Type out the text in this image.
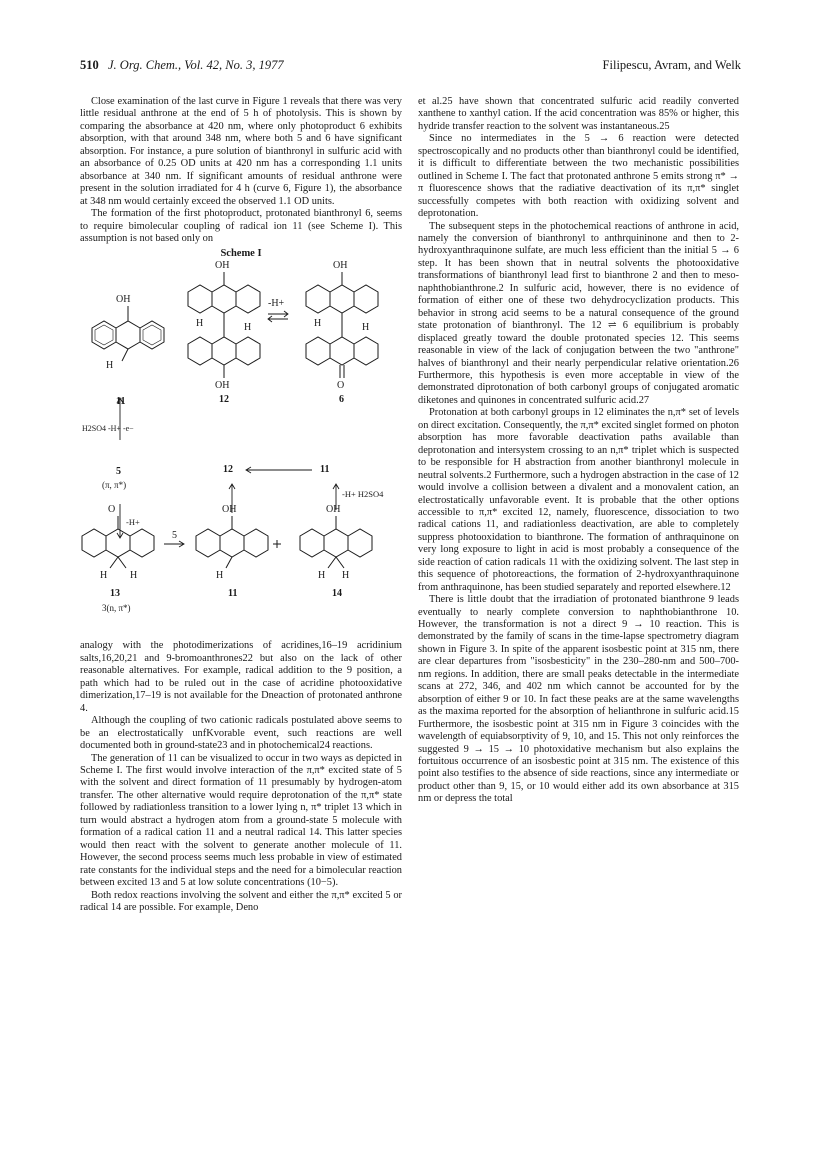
510 J. Org. Chem., Vol. 42, No. 3, 1977	Filipescu, Avram, and Welk

Close examination of the last curve in Figure 1 reveals that there was very little residual anthrone at the end of 5 h of photolysis. This is shown by comparing the absorbance at 420 nm, where only photoproduct 6 exhibits absorption, with that around 348 nm, where both 5 and 6 have significant absorption. For instance, a pure solution of bianthronyl in sulfuric acid with an absorbance of 0.25 OD units at 420 nm has a corresponding 1.1 units absorbance at 340 nm. If significant amounts of residual anthrone were present in the solution irradiated for 4 h (curve 6, Figure 1), the absorbance at 348 nm would certainly exceed the observed 1.1 OD units.

The formation of the first photoproduct, protonated bianthronyl 6, seems to require bimolecular coupling of radical ion 11 (see Scheme I). This assumption is not based only on

Scheme I
OH
H
11
OH
H	H
OH
12
-H+
OH
H	H
O
6
H2SO4 -H+ -e−
5
(π, π*)
-H+
12	11
-H+ H2SO4
O
5
H H
13
3(n, π*)
OH
H
11
OH
H H
14

analogy with the photodimerizations of acridines,16–19 acridinium salts,16,20,21 and 9-bromoanthrones22 but also on the lack of other reasonable alternatives. For example, radical addition to the 9 position, a path which had to be ruled out in the case of acridine photooxidative dimerization,17–19 is not available for the Dneaction of protonated anthrone 4.

Although the coupling of two cationic radicals postulated above seems to be an electrostatically unfKvorable event, such reactions are well documented both in ground-state23 and in photochemical24 reactions.

The generation of 11 can be visualized to occur in two ways as depicted in Scheme I. The first would involve interaction of the π,π* excited state of 5 with the solvent and direct formation of 11 presumably by hydrogen-atom transfer. The other alternative would require deprotonation of the π,π* state followed by radiationless transition to a lower lying n, π* triplet 13 which in turn would abstract a hydrogen atom from a ground-state 5 molecule with formation of a radical cation 11 and a neutral radical 14. This latter species would then react with the solvent to generate another molecule of 11. However, the second process seems much less probable in view of estimated rate constants for the individual steps and the need for a bimolecular reaction between excited 13 and 5 at low solute concentrations (10−5).

Both redox reactions involving the solvent and either the π,π* excited 5 or radical 14 are possible. For example, Deno

et al.25 have shown that concentrated sulfuric acid readily converted xanthene to xanthyl cation. If the acid concentration was 85% or higher, this hydride transfer reaction to the solvent was instantaneous.25

Since no intermediates in the 5 → 6 reaction were detected spectroscopically and no products other than bianthronyl could be identified, it is difficult to differentiate between the two mechanistic possibilities outlined in Scheme I. The fact that protonated anthrone 5 emits strong π* → π fluorescence shows that the radiative deactivation of its π,π* singlet successfully competes with both reaction with oxidizing solvent and deprotonation.

The subsequent steps in the photochemical reactions of anthrone in acid, namely the conversion of bianthronyl to anthrquininone and then to 2-hydroxyanthraquinone sulfate, are much less efficient than the initial 5 → 6 step. It has been shown that in neutral solvents the photooxidative transformations of bianthronyl lead first to bianthrone 2 and then to meso-naphthobianthrone.2 In sulfuric acid, however, there is no evidence of formation of either one of these two dehydrocyclization products. This behavior in strong acid seems to be a natural consequence of the ground state protonation of bianthronyl. The 12 ⇌ 6 equilibrium is probably displaced greatly toward the double protonated species 12. This seems reasonable in view of the lack of conjugation between the two "anthrone" halves of bianthronyl and their nearly perpendicular relative orientation.26 Furthermore, this hypothesis is even more acceptable in view of the demonstrated diprotonation of both carbonyl groups of conjugated aromatic diketones and quinones in concentrated sulfuric acid.27

Protonation at both carbonyl groups in 12 eliminates the n,π* set of levels on direct excitation. Consequently, the π,π* excited singlet formed on photon absorption has more favorable deactivation paths available than deprotonation and intersystem crossing to an n,π* triplet which is suspected to be responsible for H abstraction from another bianthronyl molecule in neutral solvents.2 Furthermore, such a hydrogen abstraction in the case of 12 would involve a collision between a divalent and a monovalent cation, an electrostatically unfavorable event. It is probable that the other options accessible to π,π* excited 12, namely, fluorescence, dissociation to two radical cations 11, and radiationless deactivation, are able to completely suppress photooxidation to bianthrone. The formation of anthraquinone on very long exposure to light in acid is most probably a consequence of the side reaction of cation radicals 11 with the oxidizing solvent. The last step in this sequence of photoreactions, the formation of 2-hydroxyanthraquinone from anthraquinone, has been studied separately and reported elsewhere.12

There is little doubt that the irradiation of protonated bianthrone 9 leads eventually to nearly complete conversion to naphthobianthrone 10. However, the transformation is not a direct 9 → 10 reaction. This is demonstrated by the family of scans in the time-lapse spectrometry diagram shown in Figure 3. In spite of the apparent isosbestic point at 315 nm, there are clear departures from "isosbesticity" in the 230–280-nm and 500–700-nm regions. In addition, there are small peaks detectable in the intermediate scans at 272, 346, and 402 nm which cannot be accounted for by the absorption of either 9 or 10. In fact these peaks are at the same wavelengths as the maxima reported for the absorption of helianthrone in sulfuric acid.15 Furthermore, the isosbestic point at 315 nm in Figure 3 coincides with the wavelength of equiabsorptivity of 9, 10, and 15. This not only reinforces the suggested 9 → 15 → 10 photoxidative mechanism but also explains the fortuitous occurrence of an isosbestic point at 315 nm. The existence of this point also testifies to the absence of side reactions, since any intermediate or product other than 9, 15, or 10 would either add its own absorbance at 315 nm or depress the total
